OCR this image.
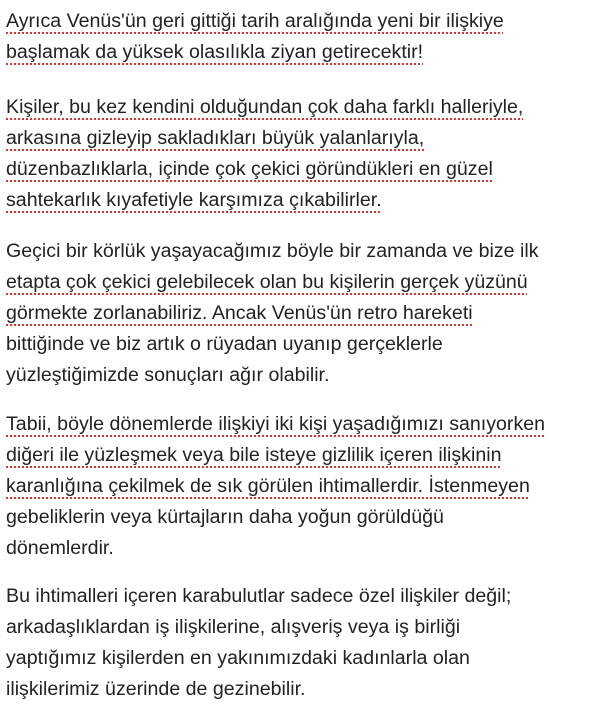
Ayrıca Venüs'ün geri gittiği tarih aralığında yeni bir ilişkiye
başlamak da yüksek olasılıkla ziyan getirecektir!

Kişiler, bu kez kendini olduğundan çok daha farklı halleriyle,
arkasına gizleyip sakladıkları büyük yalanlarıyla,
düzenbazlıklarla, içinde çok çekici göründükleri en güzel
sahtekarlık kıyafetiyle karşımıza çıkabilirler.

Geçici bir körlük yaşayacağımız böyle bir zamanda ve bize ilk
etapta çok çekici gelebilecek olan bu kişilerin gerçek yüzünü
görmekte zorlanabiliriz. Ancak Venüs'ün retro hareketi
bittiğinde ve biz artık o rüyadan uyanıp gerçeklerle
yüzleştiğimizde sonuçları ağır olabilir.

Tabii, böyle dönemlerde ilişkiyi iki kişi yaşadığımızı sanıyorken
diğeri ile yüzleşmek veya bile isteye gizlilik içeren ilişkinin
karanlığına çekilmek de sık görülen ihtimallerdir. İstenmeyen
gebeliklerin veya kürtajların daha yoğun görüldüğü
dönemlerdir.

Bu ihtimalleri içeren karabulutlar sadece özel ilişkiler değil;
arkadaşlıklardan iş ilişkilerine, alışveriş veya iş birliği
yaptığımız kişilerden en yakınımızdaki kadınlarla olan
ilişkilerimiz üzerinde de gezinebilir.
